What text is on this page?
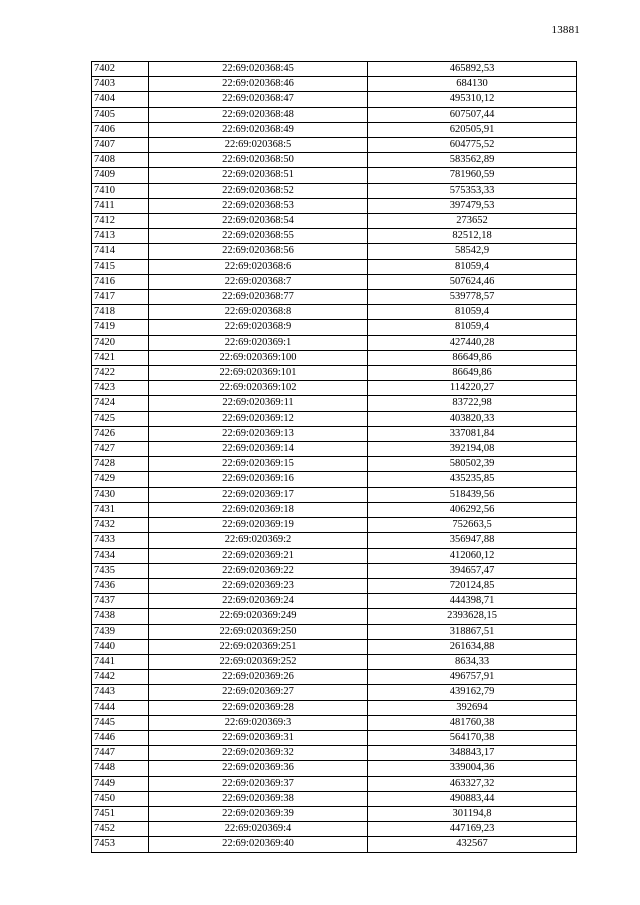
13881
7402	22:69:020368:45	465892,53
7403	22:69:020368:46	684130
7404	22:69:020368:47	495310,12
7405	22:69:020368:48	607507,44
7406	22:69:020368:49	620505,91
7407	22:69:020368:5	604775,52
7408	22:69:020368:50	583562,89
7409	22:69:020368:51	781960,59
7410	22:69:020368:52	575353,33
7411	22:69:020368:53	397479,53
7412	22:69:020368:54	273652
7413	22:69:020368:55	82512,18
7414	22:69:020368:56	58542,9
7415	22:69:020368:6	81059,4
7416	22:69:020368:7	507624,46
7417	22:69:020368:77	539778,57
7418	22:69:020368:8	81059,4
7419	22:69:020368:9	81059,4
7420	22:69:020369:1	427440,28
7421	22:69:020369:100	86649,86
7422	22:69:020369:101	86649,86
7423	22:69:020369:102	114220,27
7424	22:69:020369:11	83722,98
7425	22:69:020369:12	403820,33
7426	22:69:020369:13	337081,84
7427	22:69:020369:14	392194,08
7428	22:69:020369:15	580502,39
7429	22:69:020369:16	435235,85
7430	22:69:020369:17	518439,56
7431	22:69:020369:18	406292,56
7432	22:69:020369:19	752663,5
7433	22:69:020369:2	356947,88
7434	22:69:020369:21	412060,12
7435	22:69:020369:22	394657,47
7436	22:69:020369:23	720124,85
7437	22:69:020369:24	444398,71
7438	22:69:020369:249	2393628,15
7439	22:69:020369:250	318867,51
7440	22:69:020369:251	261634,88
7441	22:69:020369:252	8634,33
7442	22:69:020369:26	496757,91
7443	22:69:020369:27	439162,79
7444	22:69:020369:28	392694
7445	22:69:020369:3	481760,38
7446	22:69:020369:31	564170,38
7447	22:69:020369:32	348843,17
7448	22:69:020369:36	339004,36
7449	22:69:020369:37	463327,32
7450	22:69:020369:38	490883,44
7451	22:69:020369:39	301194,8
7452	22:69:020369:4	447169,23
7453	22:69:020369:40	432567
